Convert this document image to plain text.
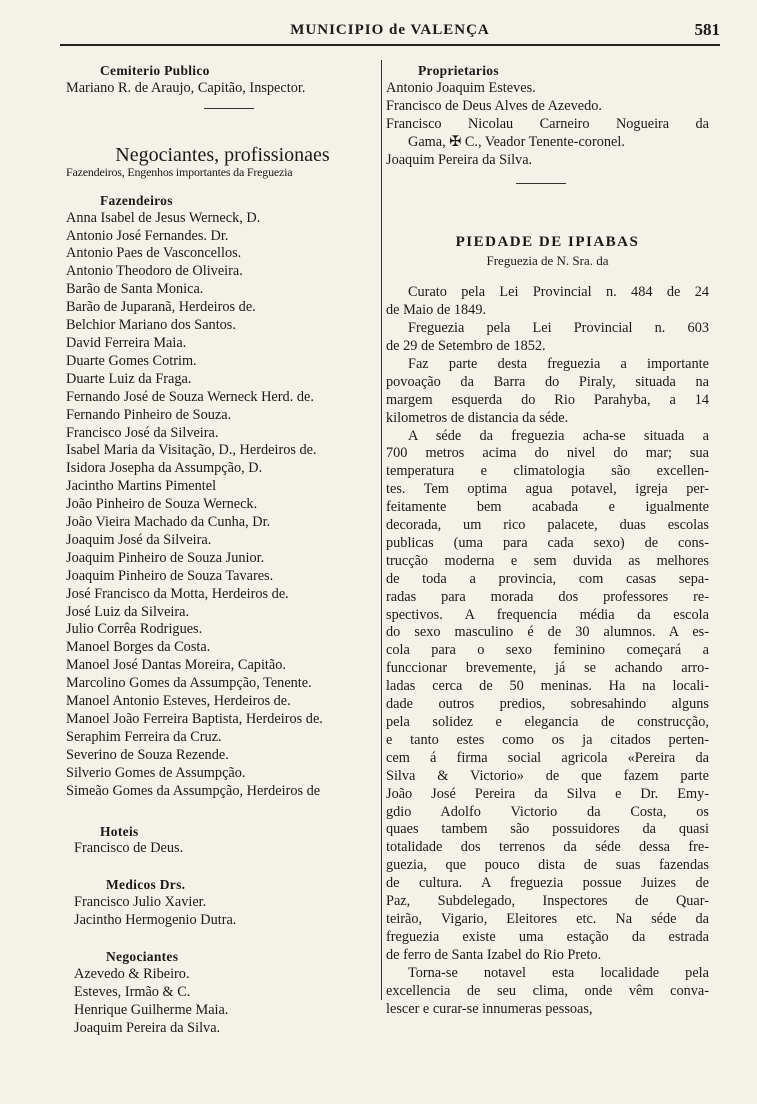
MUNICIPIO de VALENÇA	581
Cemiterio Publico
Mariano R. de Araujo, Capitão, Inspector.
Negociantes, profissionaes
Fazendeiros, Engenhos importantes da Freguezia
Fazendeiros
Anna Isabel de Jesus Werneck, D.
Antonio José Fernandes. Dr.
Antonio Paes de Vasconcellos.
Antonio Theodoro de Oliveira.
Barão de Santa Monica.
Barão de Juparanã, Herdeiros de.
Belchior Mariano dos Santos.
David Ferreira Maia.
Duarte Gomes Cotrim.
Duarte Luiz da Fraga.
Fernando José de Souza Werneck Herd. de.
Fernando Pinheiro de Souza.
Francisco José da Silveira.
Isabel Maria da Visitação, D., Herdeiros de.
Isidora Josepha da Assumpção, D.
Jacintho Martins Pimentel
João Pinheiro de Souza Werneck.
João Vieira Machado da Cunha, Dr.
Joaquim José da Silveira.
Joaquim Pinheiro de Souza Junior.
Joaquim Pinheiro de Souza Tavares.
José Francisco da Motta, Herdeiros de.
José Luiz da Silveira.
Julio Corrêa Rodrigues.
Manoel Borges da Costa.
Manoel José Dantas Moreira, Capitão.
Marcolino Gomes da Assumpção, Tenente.
Manoel Antonio Esteves, Herdeiros de.
Manoel João Ferreira Baptista, Herdeiros de.
Seraphim Ferreira da Cruz.
Severino de Souza Rezende.
Silverio Gomes de Assumpção.
Simeão Gomes da Assumpção, Herdeiros de
Hoteis
Francisco de Deus.
Medicos Drs.
Francisco Julio Xavier.
Jacintho Hermogenio Dutra.
Negociantes
Azevedo & Ribeiro.
Esteves, Irmão & C.
Henrique Guilherme Maia.
Joaquim Pereira da Silva.
Proprietarios
Antonio Joaquim Esteves.
Francisco de Deus Alves de Azevedo.
Francisco Nicolau Carneiro Nogueira da
Gama, ✠ C., Veador Tenente-coronel.
Joaquim Pereira da Silva.
PIEDADE DE IPIABAS
Freguezia de N. Sra. da
Curato pela Lei Provincial n. 484 de 24
de Maio de 1849.
Freguezia pela Lei Provincial n. 603
de 29 de Setembro de 1852.
Faz parte desta freguezia a importante
povoação da Barra do Piraly, situada na
margem esquerda do Rio Parahyba, a 14
kilometros de distancia da séde.
A séde da freguezia acha-se situada a
700 metros acima do nivel do mar; sua
temperatura e climatologia são excellen-
tes. Tem optima agua potavel, igreja per-
feitamente bem acabada e igualmente
decorada, um rico palacete, duas escolas
publicas (uma para cada sexo) de cons-
trucção moderna e sem duvida as melhores
de toda a provincia, com casas sepa-
radas para morada dos professores re-
spectivos. A frequencia média da escola
do sexo masculino é de 30 alumnos. A es-
cola para o sexo feminino começará a
funccionar brevemente, já se achando arro-
ladas cerca de 50 meninas. Ha na locali-
dade outros predios, sobresahindo alguns
pela solidez e elegancia de construcção,
e tanto estes como os ja citados perten-
cem á firma social agricola «Pereira da
Silva & Victorio» de que fazem parte
João José Pereira da Silva e Dr. Emy-
gdio Adolfo Victorio da Costa, os
quaes tambem são possuidores da quasi
totalidade dos terrenos da séde dessa fre-
guezia, que pouco dista de suas fazendas
de cultura. A freguezia possue Juizes de
Paz, Subdelegado, Inspectores de Quar-
teirão, Vigario, Eleitores etc. Na séde da
freguezia existe uma estação da estrada
de ferro de Santa Izabel do Rio Preto.
Torna-se notavel esta localidade pela
excellencia de seu clima, onde vêm convа-
lescer e curar-se innumeras pessoas,
